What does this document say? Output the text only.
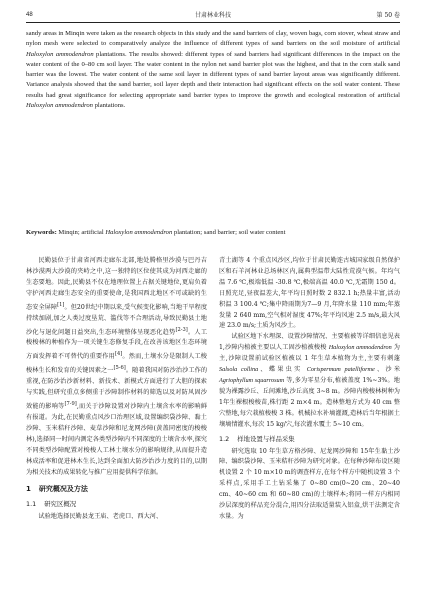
48	甘肃林业科技	第 50 卷
sandy areas in Minqin were taken as the research objects in this study and the sand barriers of clay, woven bags, corn stover, wheat straw and nylon mesh were selected to comparatively analyze the influence of different types of sand barriers on the soil moisture of artificial Haloxylon ammodendron plantations. The results showed: different types of sand barriers had significant differences in the impact on the water content of the 0–80 cm soil layer. The water content in the nylon net sand barrier plot was the highest, and that in the corn stalk sand barrier was the lowest. The water content of the same soil layer in different types of sand barrier layout areas was significantly different. Variance analysis showed that the sand barrier, soil layer depth and their interaction had significant effects on the soil water content. These results had great significance for selecting appropriate sand barrier types to improve the growth and ecological restoration of artificial Haloxylon ammodendron plantations.
Keywords: Minqin; artificial Haloxylon ammodendron plantation; sand barrier; soil water content

民勤县位于甘肃省河西走廊东北部,地处腾格里沙漠与巴丹吉林沙漠两大沙漠的夹峙之中,这一独特的区位使其成为河西走廊的生态要地。因此,民勤县不仅在地理位置上占据关键地位,更肩负着守护河西走廊生态安全的重要使命,是我国西北地区不可或缺的生态安全屏障[1]。但20世纪中期以来,受气候变化影响,当地干旱程度持续加剧,加之人类过度垦荒、滥伐等不合理活动,导致民勤县土地沙化与退化问题日益突出,生态环境整体呈现恶化趋势[2-3]。人工梭梭林的种植作为一项关键生态修复手段,在改善该地区生态环境方面发挥着不可替代的重要作用[4]。然而,土壤水分是限制人工梭梭林生长和发育的关键因素之一[5-6]。随着我国对防沙治沙工作的重视,在防沙治沙新材料、新技术、新模式方面进行了大胆的探索与实践,但研究重点多侧重于沙障制作材料的筛选以及对防风固沙效能的影响等[7-9],而关于沙障设置对沙障内土壤含水率的影响鲜有报道。为此,在民勤重点风沙口治理区域,设置编织袋沙障、黏土沙障、玉米秸秆沙障、麦草沙障和尼龙网沙障(黄盖同密度的梭梭林),选择同一时间内测定各类型沙障内不同深度的土壤含水率,探究不同类型沙障配置对梭梭人工林土壤水分的影响规律,从而提升造林成活率和促进林木生长,达到全面加大防沙治沙力度的目的,以期为相关技术的成果转化与推广应用提供科学依据。

1 研究概况及方法
1.1 研究区概况

试验地选择民勤县龙王庙、老虎口、西大河、

青土湖等 4 个重点风沙区,均位于甘肃民勤连古城国家级自然保护区和石羊河林业总场林区内,属典型温带大陆性荒漠气候。年均气温 7.6 ℃,极端低温 -30.8 ℃,极端高温 40.0 ℃,无霜期 150 d。日照充足,昼夜温差大,年平均日照时数 2 832.1 h;热量丰富,活动积温 3 100.4 ℃;集中降雨期为7—9 月,年降水量 110 mm;年蒸发量 2 640 mm,空气相对湿度 47%;年平均风速 2.5 m/s,最大风速 23.0 m/s;土质为风沙土。

试验区地下水埋深、设置沙障情况、主要植被等详细信息见表 1,沙障内植被主要以人工固沙植被梭梭 Haloxylon ammodendron 为主,沙障设置前试验区植被以 1 年生草本植物为主,主要有刺蓬 Salsola collina、蝶果虫实 Corispermum patelliforme、沙米 Agriophyllum squarrosum 等,多为零星分布,植被盖度 1%~3%。地貌为裸露沙丘、丘间滩地,沙丘高度 3~8 m。沙障内梭梭林树种为 1年生裸根梭梭苗,株行距 2 m×4 m。造林整地方式为 40 cm 整穴整地,每穴栽植梭梭 3 株。机械拉水补墒灌溉,造林后当年根据土壤墒情灌水,每次 15 kg/穴,每次灌水覆土 5~10 cm。

1.2 样地设置与样品采集

研究选取 10 年生草方格沙障、尼龙网沙障和 15年生黏土沙障、编织袋沙障、玉米秸秆沙障为研究对象。在每种沙障布设区随机设置 2 个 10 m×10 m的调查样方,在每个样方中随机设置 3 个采样点,采用手工土钻采集了 0~80 cm(0~20 cm、20~40 cm、40~60 cm 和 60~80 cm)的土壤样本;将同一样方内相同沙层深度的样品充分混合,用四分法取适量装入铝盒,烘干法测定含水量。为
